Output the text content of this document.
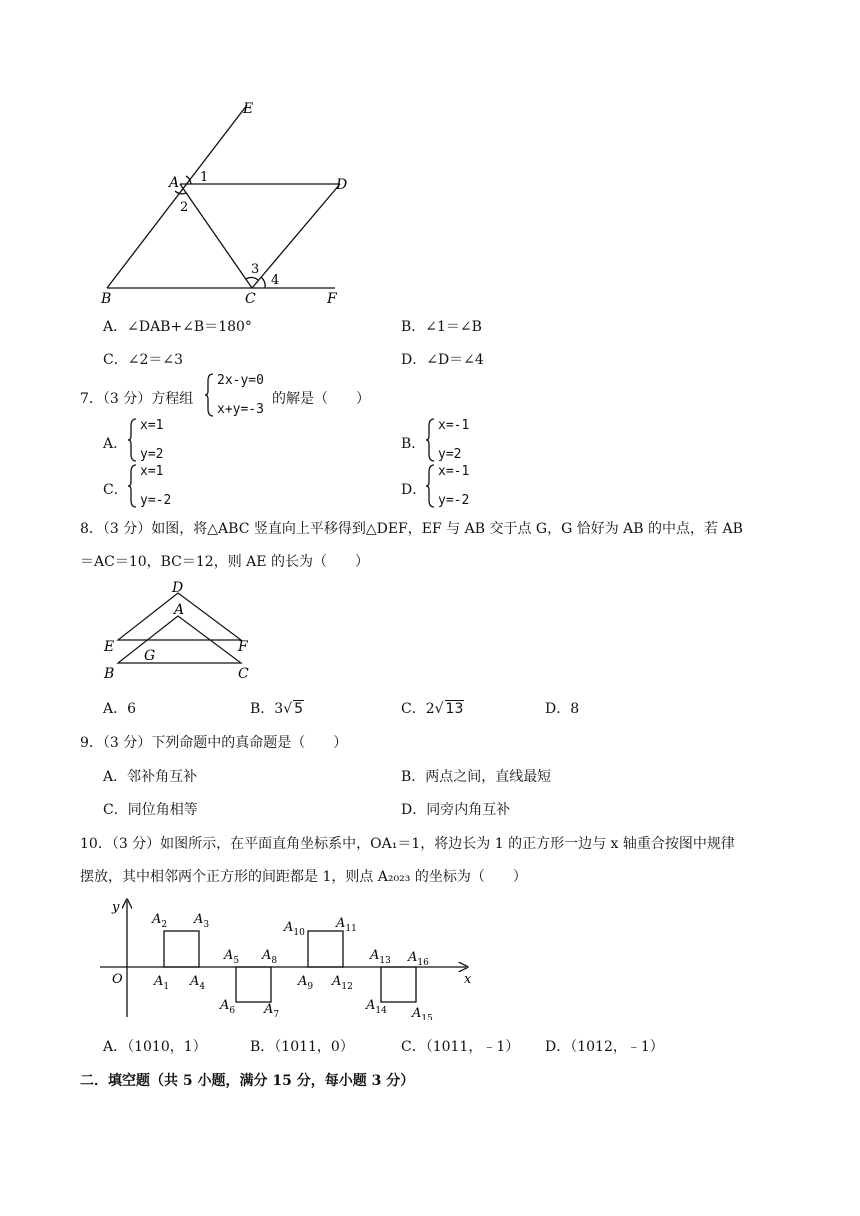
E
A 1
2
D
3
4
B	C	F
A．∠DAB+∠B＝180°	B．∠1＝∠B
C．∠2＝∠3	D．∠D＝∠4
7．（3 分）方程组
2x-y=0
x+y=-3
的解是（　　）
A．
x=1
y=2
B．
x=-1
y=2
C．
x=1
y=-2
D．
x=-1
y=-2
8．（3 分）如图，将△ABC 竖直向上平移得到△DEF，EF 与 AB 交于点 G，G 恰好为 AB 的中点，若 AB
＝AC＝10，BC＝12，则 AE 的长为（　　）
D
A
E	F
G
B	C
A．6	B．3√ 5	C．2√ 13	D．8
9．（3 分）下列命题中的真命题是（　　）
A．邻补角互补	B．两点之间，直线最短
C．同位角相等	D．同旁内角互补
10．（3 分）如图所示，在平面直角坐标系中，OA₁＝1，将边长为 1 的正方形一边与 x 轴重合按图中规律
摆放，其中相邻两个正方形的间距都是 1，则点 A₂₀₂₃ 的坐标为（　　）
y
x
O $A_1$
$A_2$ $A_3$
$A_4$
$A_5$
$A_6$ $A_7$
$A_8$
$A_9$
$A_{10}$
$A_{11}$
$A_{12}$
$A_{13}$
$A_{14}$ $A_{15}$
$A_{16}$
A．（1010，1）	B．（1011，0）	C．（1011，﹣1） D．（1012，﹣1）
二．填空题（共 5 小题，满分 15 分，每小题 3 分）
